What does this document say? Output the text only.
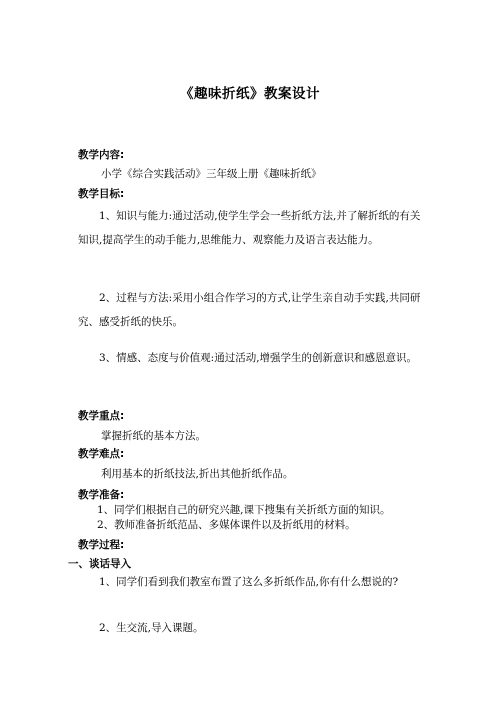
《趣味折纸》教案设计
教学内容:
小学《综合实践活动》三年级上册《趣味折纸》
教学目标:
1、知识与能力:通过活动,使学生学会一些折纸方法,并了解折纸的有关知识,提高学生的动手能力,思维能力、观察能力及语言表达能力。
2、过程与方法:采用小组合作学习的方式,让学生亲自动手实践,共同研究、感受折纸的快乐。
3、情感、态度与价值观:通过活动,增强学生的创新意识和感恩意识。
教学重点:
掌握折纸的基本方法。
教学难点:
利用基本的折纸技法,折出其他折纸作品。
教学准备:
1、同学们根据自己的研究兴趣,课下搜集有关折纸方面的知识。
2、教师准备折纸范品、多媒体课件以及折纸用的材料。
教学过程:
一、谈话导入
1、同学们看到我们教室布置了这么多折纸作品,你有什么想说的?
2、生交流,导入课题。
